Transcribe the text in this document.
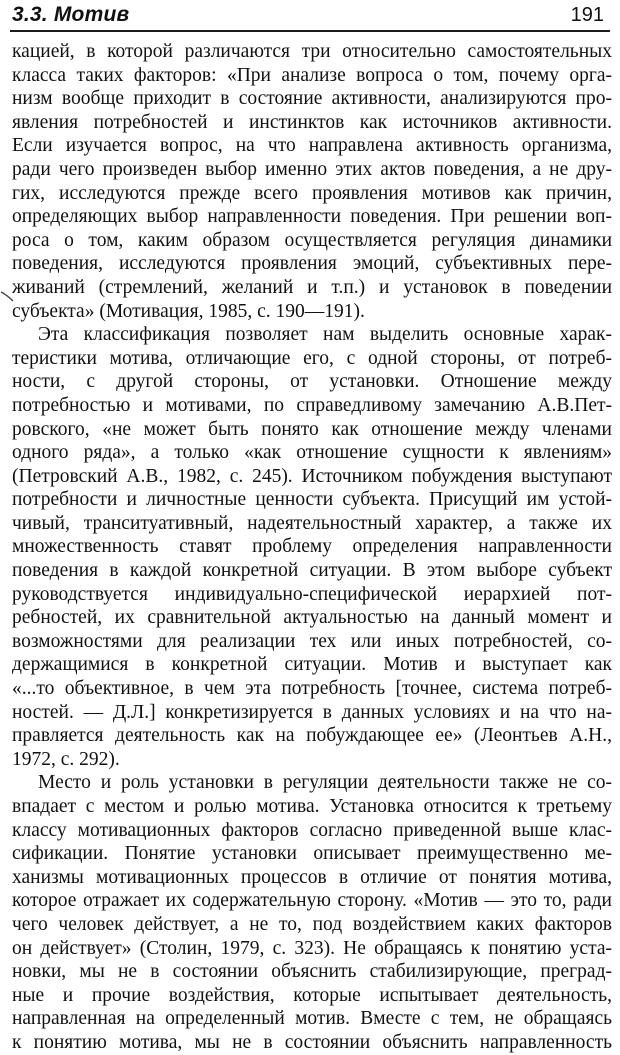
3.3. Мотив	191
кацией, в которой различаются три относительно самостоятельных
класса таких факторов: «При анализе вопроса о том, почему орга-
низм вообще приходит в состояние активности, анализируются про-
явления потребностей и инстинктов как источников активности.
Если изучается вопрос, на что направлена активность организма,
ради чего произведен выбор именно этих актов поведения, а не дру-
гих, исследуются прежде всего проявления мотивов как причин,
определяющих выбор направленности поведения. При решении воп-
роса о том, каким образом осуществляется регуляция динамики
поведения, исследуются проявления эмоций, субъективных пере-
живаний (стремлений, желаний и т.п.) и установок в поведении
субъекта» (Мотивация, 1985, с. 190—191).
Эта классификация позволяет нам выделить основные харак-
теристики мотива, отличающие его, с одной стороны, от потреб-
ности, с другой стороны, от установки. Отношение между
потребностью и мотивами, по справедливому замечанию А.В.Пет-
ровского, «не может быть понято как отношение между членами
одного ряда», а только «как отношение сущности к явлениям»
(Петровский А.В., 1982, с. 245). Источником побуждения выступают
потребности и личностные ценности субъекта. Присущий им устой-
чивый, транситуативный, надеятельностный характер, а также их
множественность ставят проблему определения направленности
поведения в каждой конкретной ситуации. В этом выборе субъект
руководствуется индивидуально-специфической иерархией пот-
ребностей, их сравнительной актуальностью на данный момент и
возможностями для реализации тех или иных потребностей, со-
держащимися в конкретной ситуации. Мотив и выступает как
«...то объективное, в чем эта потребность [точнее, система потреб-
ностей. — Д.Л.] конкретизируется в данных условиях и на что на-
правляется деятельность как на побуждающее ее» (Леонтьев А.Н.,
1972, с. 292).
Место и роль установки в регуляции деятельности также не со-
впадает с местом и ролью мотива. Установка относится к третьему
классу мотивационных факторов согласно приведенной выше клас-
сификации. Понятие установки описывает преимущественно ме-
ханизмы мотивационных процессов в отличие от понятия мотива,
которое отражает их содержательную сторону. «Мотив — это то, ради
чего человек действует, а не то, под воздействием каких факторов
он действует» (Столин, 1979, с. 323). Не обращаясь к понятию уста-
новки, мы не в состоянии объяснить стабилизирующие, преград-
ные и прочие воздействия, которые испытывает деятельность,
направленная на определенный мотив. Вместе с тем, не обращаясь
к понятию мотива, мы не в состоянии объяснить направленность
